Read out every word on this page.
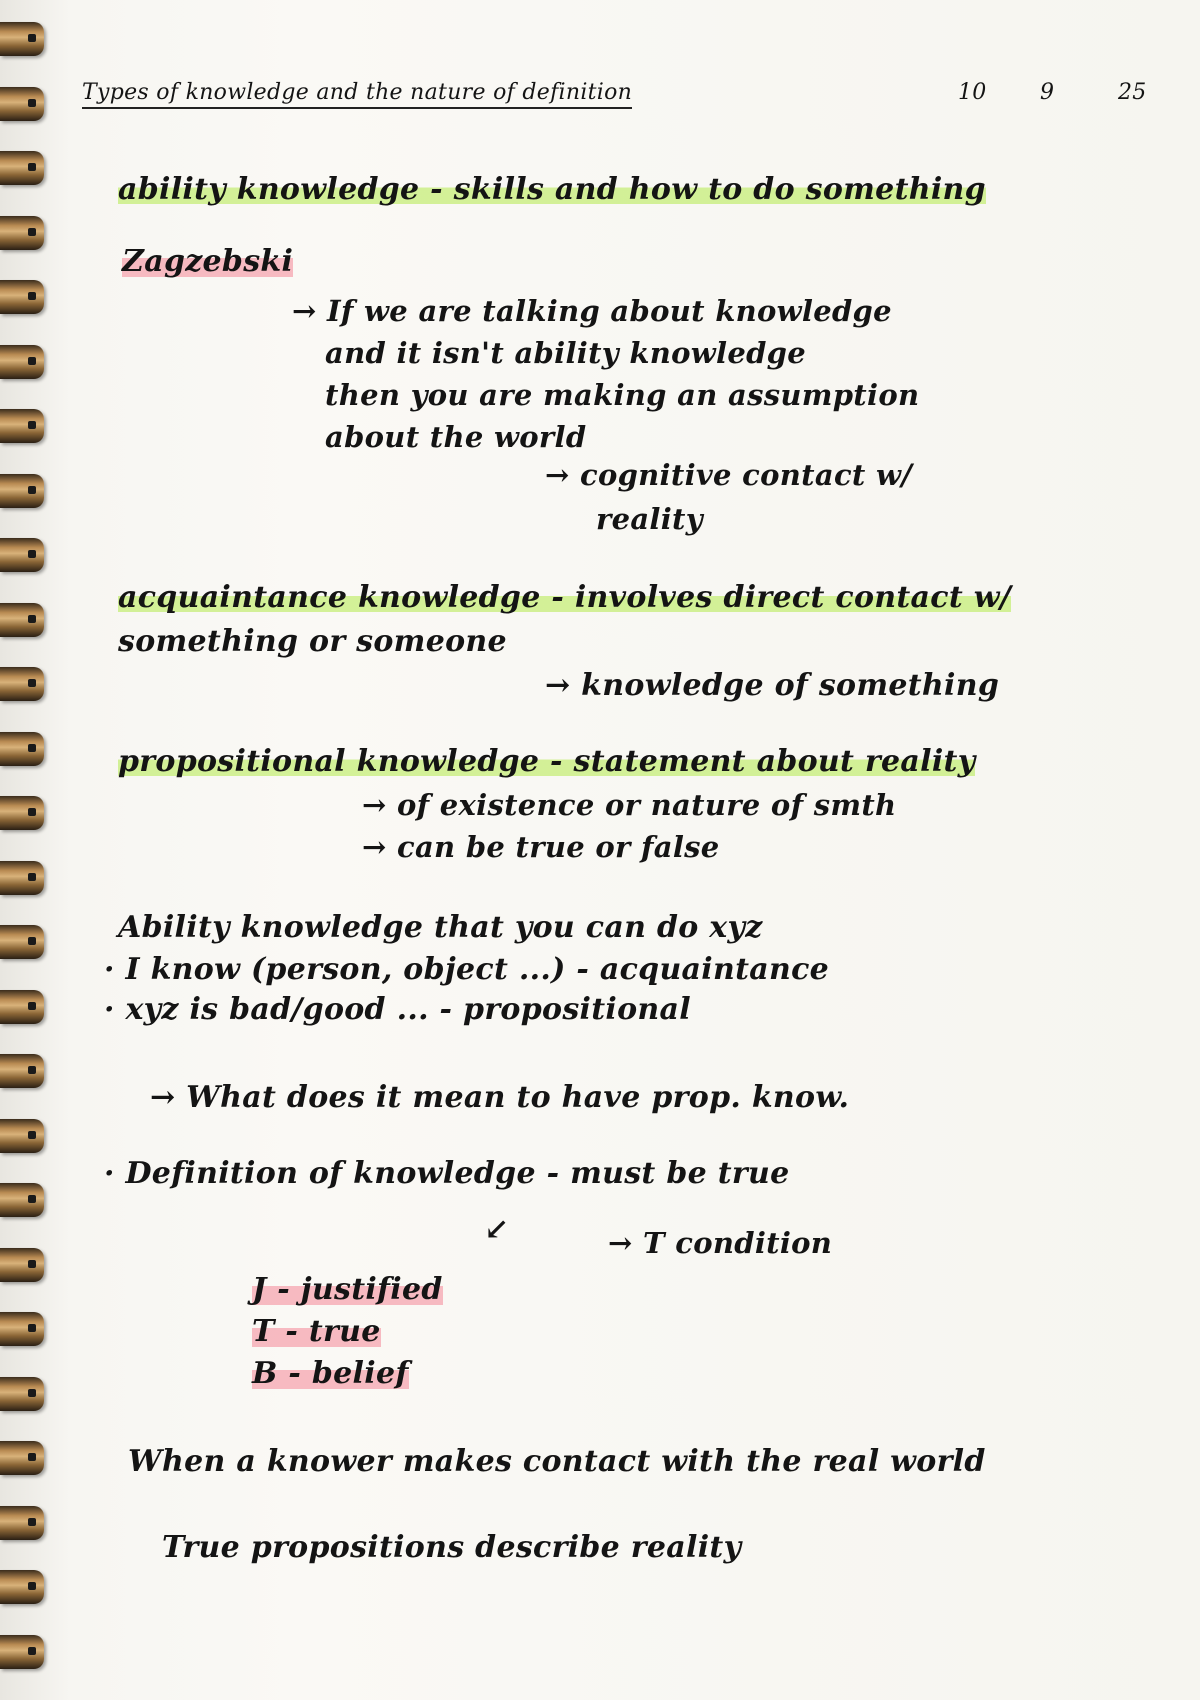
Types of knowledge and the nature of definition	10 9	25
ability knowledge - skills and how to do something
Zagzebski
→ If we are talking about knowledge
and it isn't ability knowledge
then you are making an assumption
about the world
→ cognitive contact w/
reality
acquaintance knowledge - involves direct contact w/
something or someone
→ knowledge of something
propositional knowledge - statement about reality
→ of existence or nature of smth
→ can be true or false
Ability knowledge that you can do xyz
· I know (person, object ...) - acquaintance
· xyz is bad/good ... - propositional
→ What does it mean to have prop. know.
· Definition of knowledge - must be true
↙	→ T condition
J - justified
T - true
B - belief
When a knower makes contact with the real world
True propositions describe reality
